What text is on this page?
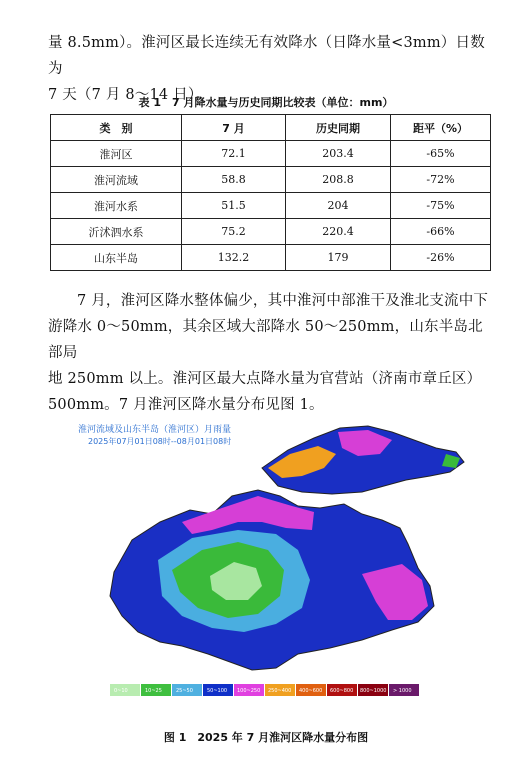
量 8.5mm）。淮河区最长连续无有效降水（日降水量<3mm）日数为
7 天（7 月 8～14 日）。
表 1　7 月降水量与历史同期比较表（单位：mm）
类　别	7 月	历史同期	距平（%）
淮河区	72.1	203.4	-65%
淮河流域	58.8	208.8	-72%
淮河水系	51.5	204	-75%
沂沭泗水系	75.2	220.4	-66%
山东半岛	132.2	179	-26%
7 月，淮河区降水整体偏少，其中淮河中部淮干及淮北支流中下
游降水 0～50mm，其余区域大部降水 50～250mm，山东半岛北部局
地 250mm 以上。淮河区最大点降水量为官营站（济南市章丘区）
500mm。7 月淮河区降水量分布见图 1。
淮河流域及山东半岛（淮河区）月雨量
2025年07月01日08时--08月01日08时
0~10	10~25	25~50	50~100 100~250 250~400 400~600 600~800 800~1000 > 1000
图 1　2025 年 7 月淮河区降水量分布图
